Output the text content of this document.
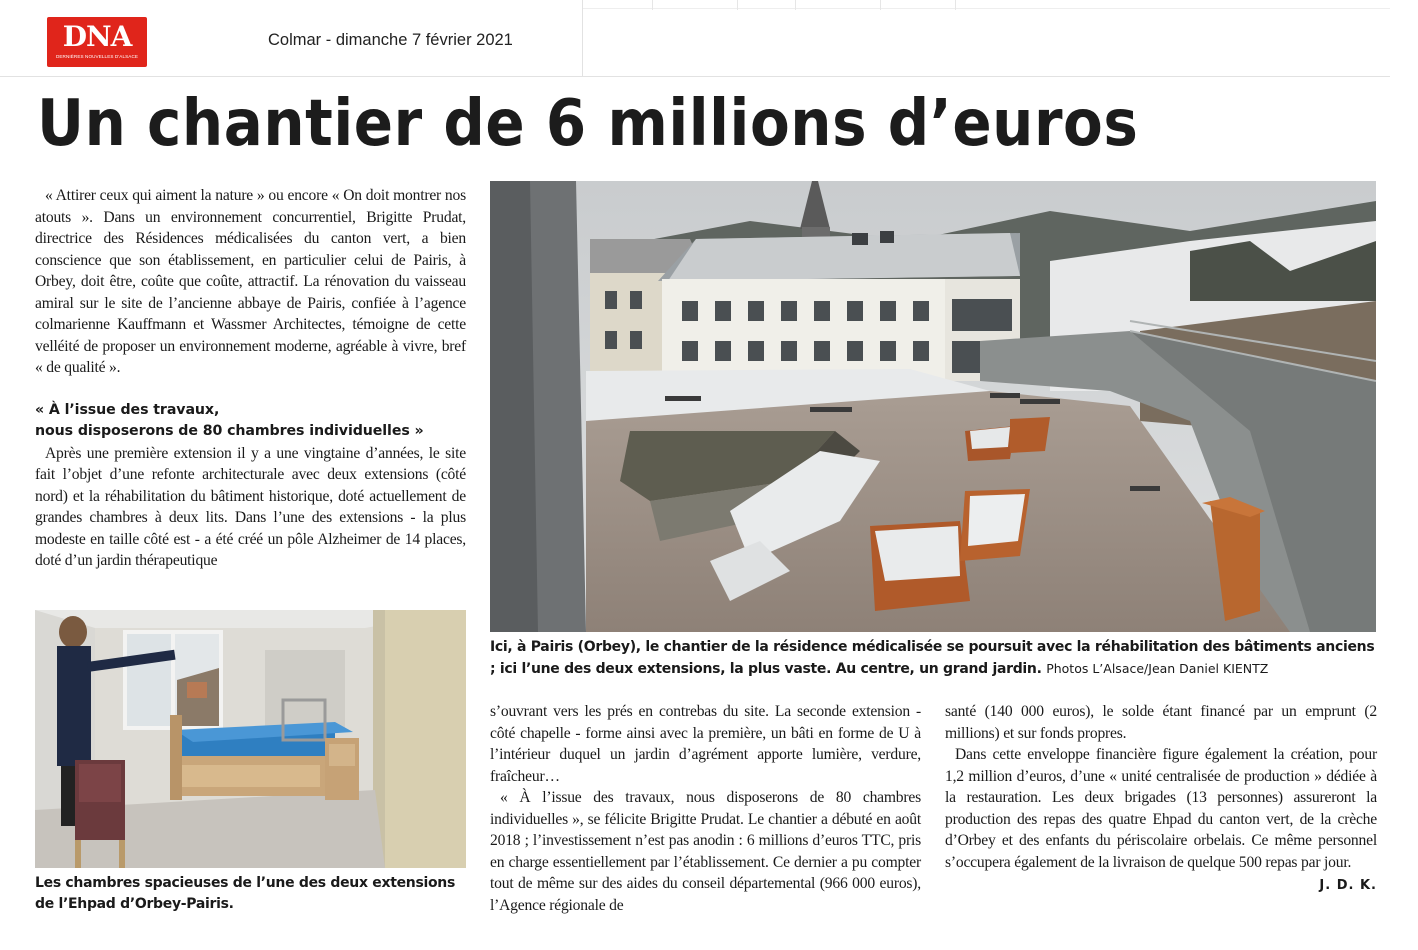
DNA
DERNIÈRES NOUVELLES D'ALSACE
Colmar - dimanche 7 février 2021
Un chantier de 6 millions d’euros

« Attirer ceux qui aiment la nature » ou encore « On doit montrer nos atouts ». Dans un environnement concurrentiel, Brigitte Prudat, directrice des Résidences médicalisées du canton vert, a bien conscience que son établissement, en particulier celui de Pairis, à Orbey, doit être, coûte que coûte, attractif. La rénovation du vaisseau amiral sur le site de l’ancienne abbaye de Pairis, confiée à l’agence colmarienne Kauffmann et Wassmer Architectes, témoigne de cette velléité de proposer un environnement moderne, agréable à vivre, bref « de qualité ».

« À l’issue des travaux,
nous disposerons de 80 chambres individuelles »

Après une première extension il y a une vingtaine d’années, le site fait l’objet d’une refonte architecturale avec deux extensions (côté nord) et la réhabilitation du bâtiment historique, doté actuellement de grandes chambres à deux lits. Dans l’une des extensions - la plus modeste en taille côté est - a été créé un pôle Alzheimer de 14 places, doté d’un jardin thérapeutique

Ici, à Pairis (Orbey), le chantier de la résidence médicalisée se poursuit avec la réhabilitation des bâtiments anciens ; ici l’une des deux extensions, la plus vaste. Au centre, un grand jardin. Photos L’Alsace/Jean Daniel KIENTZ
Les chambres spacieuses de l’une des deux extensions de l’Ehpad d’Orbey-Pairis.

s’ouvrant vers les prés en contrebas du site. La seconde extension - côté chapelle - forme ainsi avec la première, un bâti en forme de U à l’intérieur duquel un jardin d’agrément apporte lumière, verdure, fraîcheur…

« À l’issue des travaux, nous disposerons de 80 chambres individuelles », se félicite Brigitte Prudat. Le chantier a débuté en août 2018 ; l’investissement n’est pas anodin : 6 millions d’euros TTC, pris en charge essentiellement par l’établissement. Ce dernier a pu compter tout de même sur des aides du conseil départemental (966 000 euros), l’Agence régionale de

santé (140 000 euros), le solde étant financé par un emprunt (2 millions) et sur fonds propres.

Dans cette enveloppe financière figure également la création, pour 1,2 million d’euros, d’une « unité centralisée de production » dédiée à la restauration. Les deux brigades (13 personnes) assureront la production des repas des quatre Ehpad du canton vert, de la crèche d’Orbey et des enfants du périscolaire orbelais. Ce même personnel s’occupera également de la livraison de quelque 500 repas par jour.

J. D. K.
